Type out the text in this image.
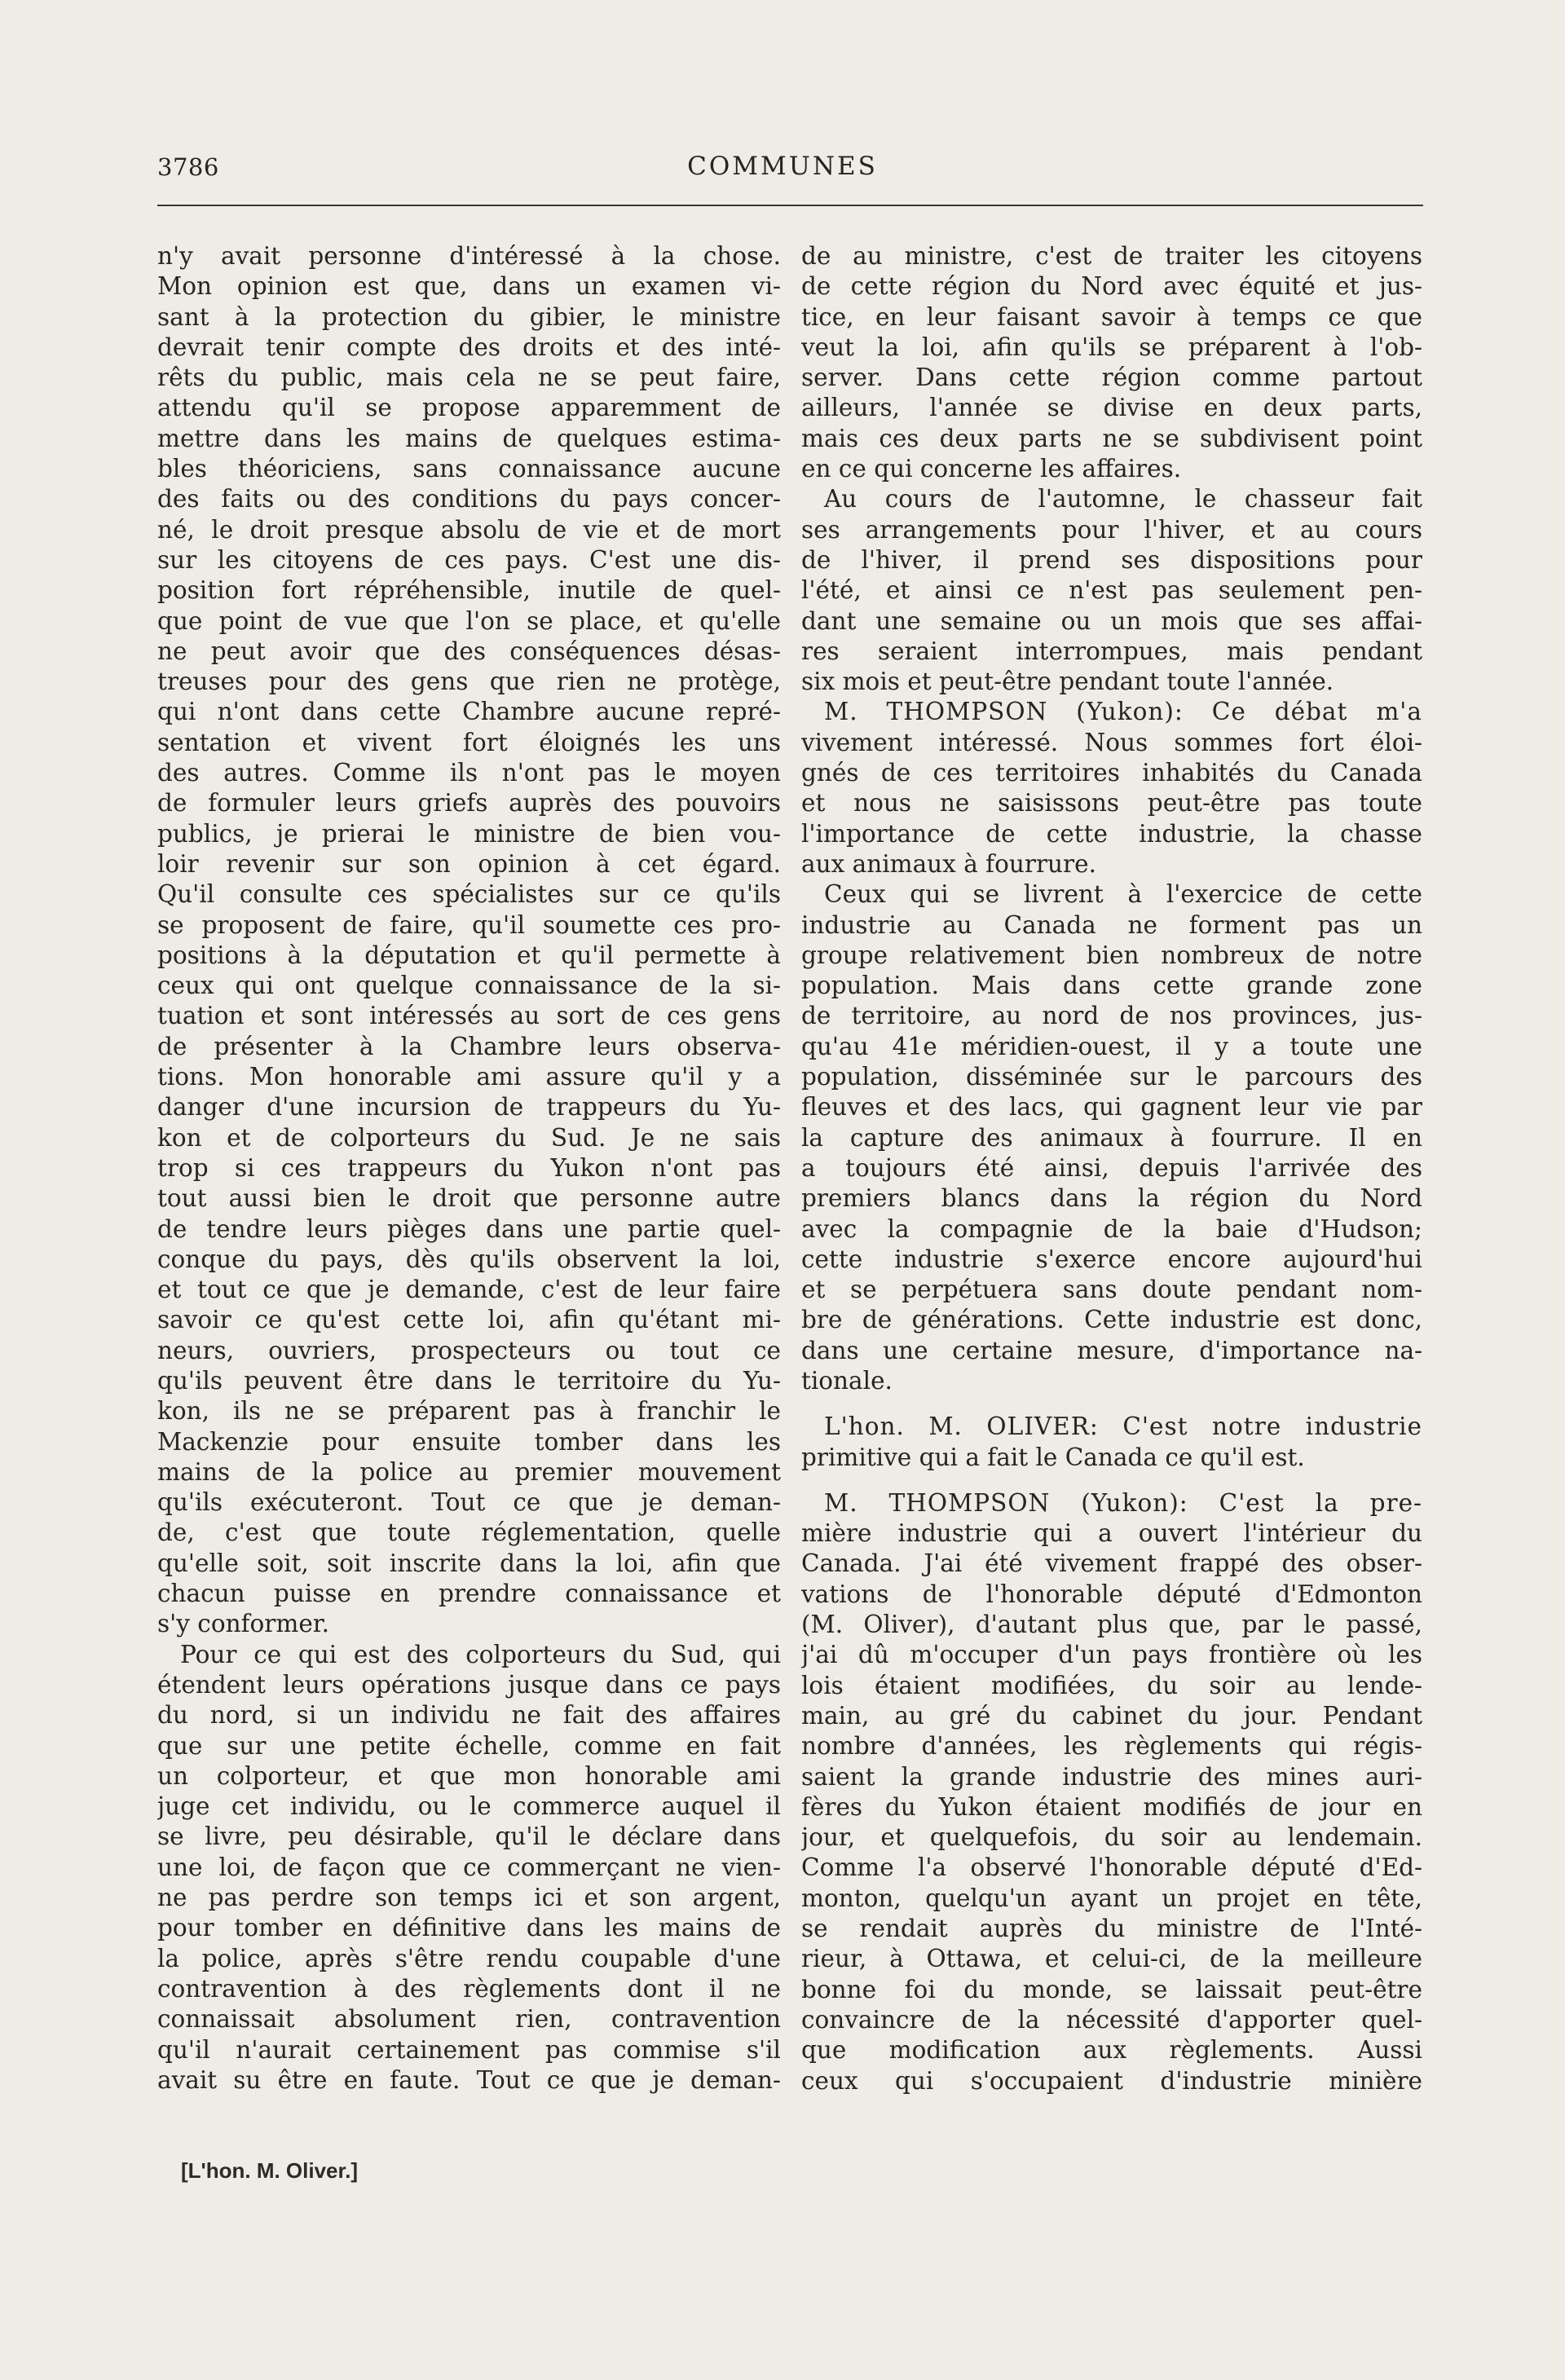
3786	COMMUNES
n'y avait personne d'intéressé à la chose.
Mon opinion est que, dans un examen vi-
sant à la protection du gibier, le ministre
devrait tenir compte des droits et des inté-
rêts du public, mais cela ne se peut faire,
attendu qu'il se propose apparemment de
mettre dans les mains de quelques estima-
bles théoriciens, sans connaissance aucune
des faits ou des conditions du pays concer-
né, le droit presque absolu de vie et de mort
sur les citoyens de ces pays. C'est une dis-
position fort répréhensible, inutile de quel-
que point de vue que l'on se place, et qu'elle
ne peut avoir que des conséquences désas-
treuses pour des gens que rien ne protège,
qui n'ont dans cette Chambre aucune repré-
sentation et vivent fort éloignés les uns
des autres. Comme ils n'ont pas le moyen
de formuler leurs griefs auprès des pouvoirs
publics, je prierai le ministre de bien vou-
loir revenir sur son opinion à cet égard.
Qu'il consulte ces spécialistes sur ce qu'ils
se proposent de faire, qu'il soumette ces pro-
positions à la députation et qu'il permette à
ceux qui ont quelque connaissance de la si-
tuation et sont intéressés au sort de ces gens
de présenter à la Chambre leurs observa-
tions. Mon honorable ami assure qu'il y a
danger d'une incursion de trappeurs du Yu-
kon et de colporteurs du Sud. Je ne sais
trop si ces trappeurs du Yukon n'ont pas
tout aussi bien le droit que personne autre
de tendre leurs pièges dans une partie quel-
conque du pays, dès qu'ils observent la loi,
et tout ce que je demande, c'est de leur faire
savoir ce qu'est cette loi, afin qu'étant mi-
neurs, ouvriers, prospecteurs ou tout ce
qu'ils peuvent être dans le territoire du Yu-
kon, ils ne se préparent pas à franchir le
Mackenzie pour ensuite tomber dans les
mains de la police au premier mouvement
qu'ils exécuteront. Tout ce que je deman-
de, c'est que toute réglementation, quelle
qu'elle soit, soit inscrite dans la loi, afin que
chacun puisse en prendre connaissance et
s'y conformer.
Pour ce qui est des colporteurs du Sud, qui
étendent leurs opérations jusque dans ce pays
du nord, si un individu ne fait des affaires
que sur une petite échelle, comme en fait
un colporteur, et que mon honorable ami
juge cet individu, ou le commerce auquel il
se livre, peu désirable, qu'il le déclare dans
une loi, de façon que ce commerçant ne vien-
ne pas perdre son temps ici et son argent,
pour tomber en définitive dans les mains de
la police, après s'être rendu coupable d'une
contravention à des règlements dont il ne
connaissait absolument rien, contravention
qu'il n'aurait certainement pas commise s'il
avait su être en faute. Tout ce que je deman-
de au ministre, c'est de traiter les citoyens
de cette région du Nord avec équité et jus-
tice, en leur faisant savoir à temps ce que
veut la loi, afin qu'ils se préparent à l'ob-
server. Dans cette région comme partout
ailleurs, l'année se divise en deux parts,
mais ces deux parts ne se subdivisent point
en ce qui concerne les affaires.
Au cours de l'automne, le chasseur fait
ses arrangements pour l'hiver, et au cours
de l'hiver, il prend ses dispositions pour
l'été, et ainsi ce n'est pas seulement pen-
dant une semaine ou un mois que ses affai-
res seraient interrompues, mais pendant
six mois et peut-être pendant toute l'année.
M. THOMPSON (Yukon): Ce débat m'a
vivement intéressé. Nous sommes fort éloi-
gnés de ces territoires inhabités du Canada
et nous ne saisissons peut-être pas toute
l'importance de cette industrie, la chasse
aux animaux à fourrure.
Ceux qui se livrent à l'exercice de cette
industrie au Canada ne forment pas un
groupe relativement bien nombreux de notre
population. Mais dans cette grande zone
de territoire, au nord de nos provinces, jus-
qu'au 41e méridien-ouest, il y a toute une
population, disséminée sur le parcours des
fleuves et des lacs, qui gagnent leur vie par
la capture des animaux à fourrure. Il en
a toujours été ainsi, depuis l'arrivée des
premiers blancs dans la région du Nord
avec la compagnie de la baie d'Hudson;
cette industrie s'exerce encore aujourd'hui
et se perpétuera sans doute pendant nom-
bre de générations. Cette industrie est donc,
dans une certaine mesure, d'importance na-
tionale.
L'hon. M. OLIVER: C'est notre industrie
primitive qui a fait le Canada ce qu'il est.
M. THOMPSON (Yukon): C'est la pre-
mière industrie qui a ouvert l'intérieur du
Canada. J'ai été vivement frappé des obser-
vations de l'honorable député d'Edmonton
(M. Oliver), d'autant plus que, par le passé,
j'ai dû m'occuper d'un pays frontière où les
lois étaient modifiées, du soir au lende-
main, au gré du cabinet du jour. Pendant
nombre d'années, les règlements qui régis-
saient la grande industrie des mines auri-
fères du Yukon étaient modifiés de jour en
jour, et quelquefois, du soir au lendemain.
Comme l'a observé l'honorable député d'Ed-
monton, quelqu'un ayant un projet en tête,
se rendait auprès du ministre de l'Inté-
rieur, à Ottawa, et celui-ci, de la meilleure
bonne foi du monde, se laissait peut-être
convaincre de la nécessité d'apporter quel-
que modification aux règlements. Aussi
ceux qui s'occupaient d'industrie minière
[L'hon. M. Oliver.]
